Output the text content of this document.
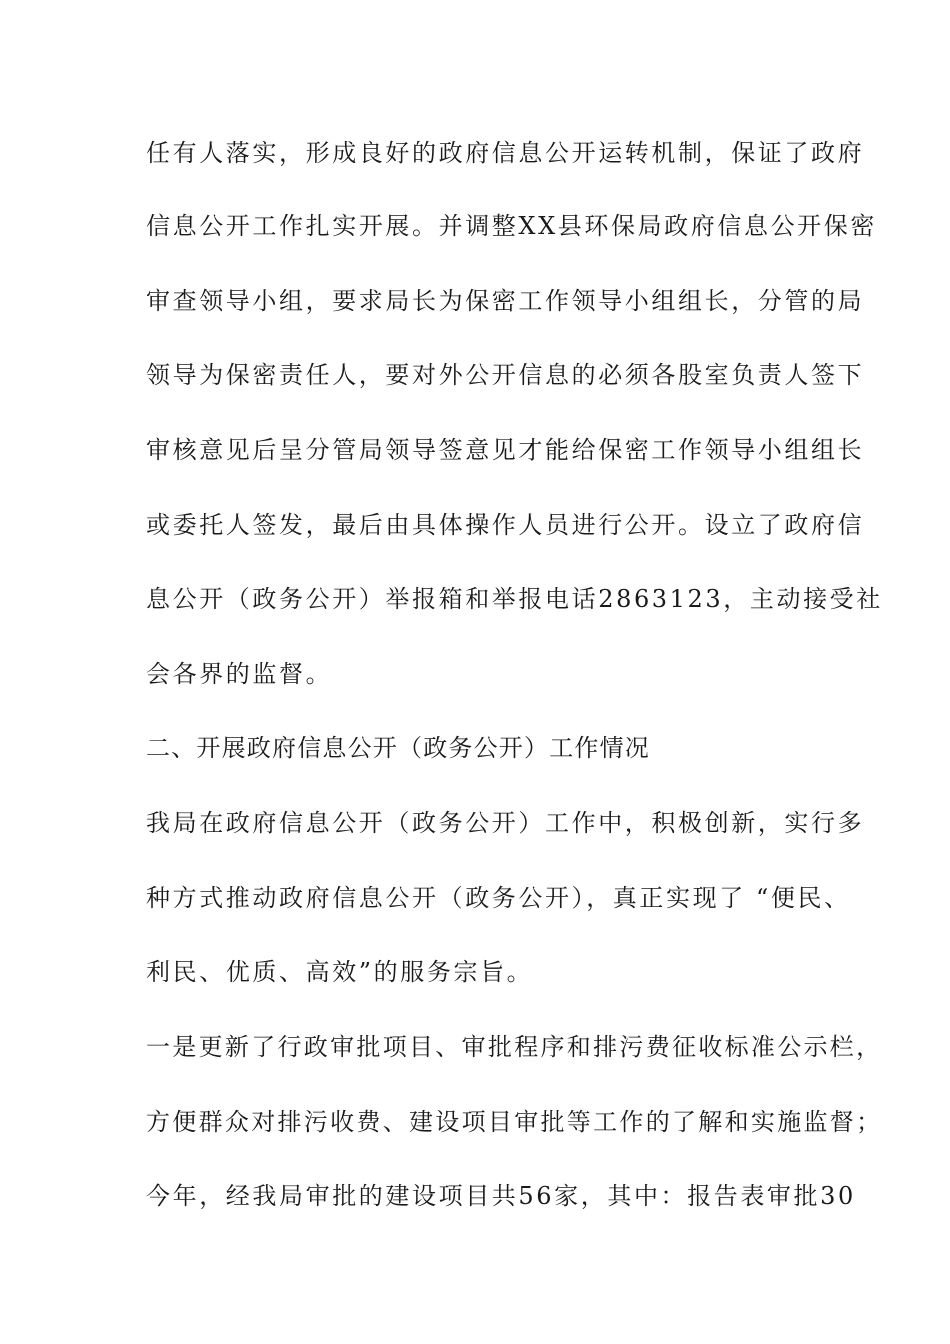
任有人落实，形成良好的政府信息公开运转机制，保证了政府
信息公开工作扎实开展。并调整XX县环保局政府信息公开保密
审查领导小组，要求局长为保密工作领导小组组长，分管的局
领导为保密责任人，要对外公开信息的必须各股室负责人签下
审核意见后呈分管局领导签意见才能给保密工作领导小组组长
或委托人签发，最后由具体操作人员进行公开。设立了政府信
息公开（政务公开）举报箱和举报电话2863123，主动接受社
会各界的监督。
二、开展政府信息公开（政务公开）工作情况
我局在政府信息公开（政务公开）工作中，积极创新，实行多
种方式推动政府信息公开（政务公开），真正实现了 “便民、
利民、优质、高效”的服务宗旨。
一是更新了行政审批项目、审批程序和排污费征收标准公示栏，
方便群众对排污收费、建设项目审批等工作的了解和实施监督；
今年，经我局审批的建设项目共56家，其中：报告表审批30
